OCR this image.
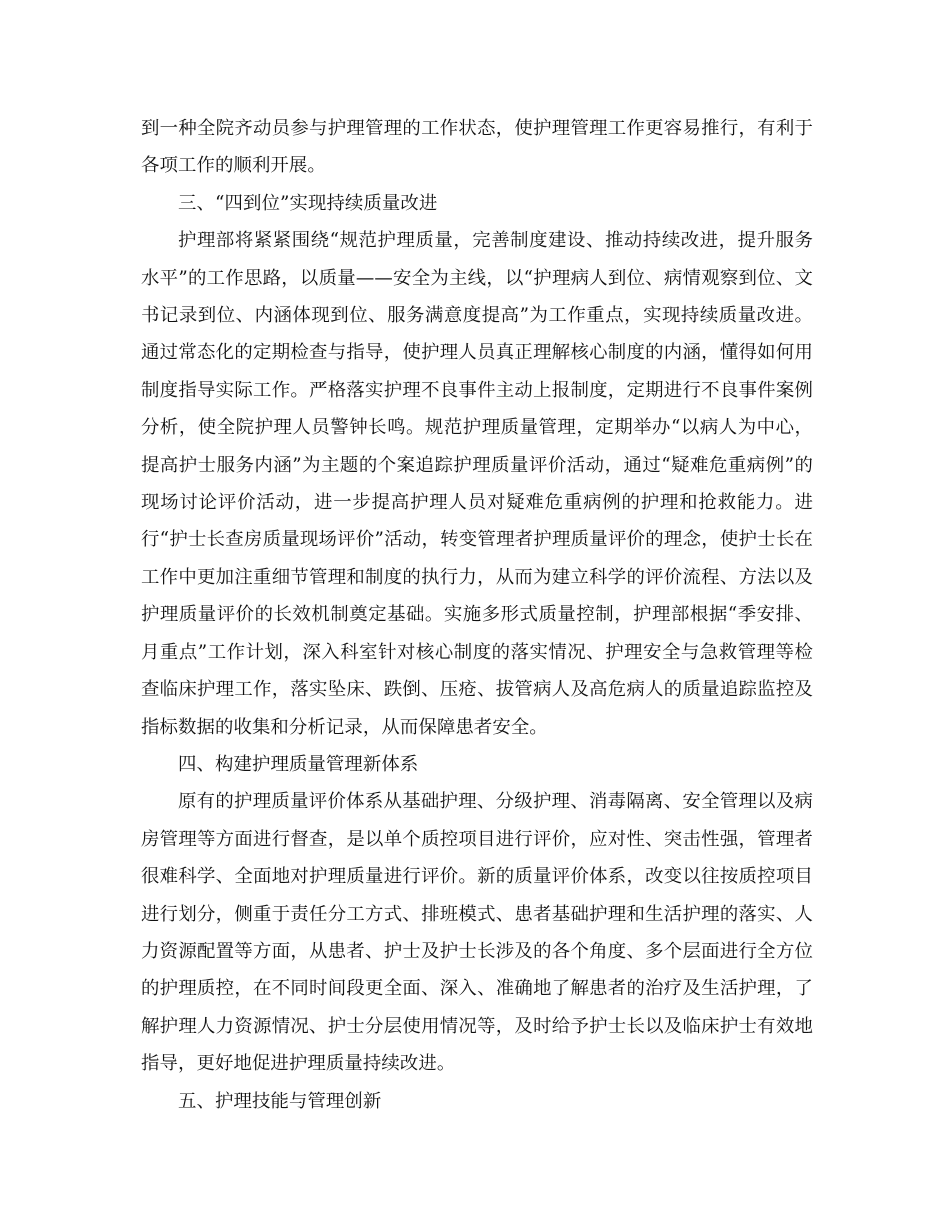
到一种全院齐动员参与护理管理的工作状态，使护理管理工作更容易推行，有利于各项工作的顺利开展。

三、“四到位”实现持续质量改进

护理部将紧紧围绕“规范护理质量，完善制度建设、推动持续改进，提升服务水平”的工作思路，以质量——安全为主线，以“护理病人到位、病情观察到位、文书记录到位、内涵体现到位、服务满意度提高”为工作重点，实现持续质量改进。通过常态化的定期检查与指导，使护理人员真正理解核心制度的内涵，懂得如何用制度指导实际工作。严格落实护理不良事件主动上报制度，定期进行不良事件案例分析，使全院护理人员警钟长鸣。规范护理质量管理，定期举办“以病人为中心，提高护士服务内涵”为主题的个案追踪护理质量评价活动，通过“疑难危重病例”的现场讨论评价活动，进一步提高护理人员对疑难危重病例的护理和抢救能力。进行“护士长查房质量现场评价”活动，转变管理者护理质量评价的理念，使护士长在工作中更加注重细节管理和制度的执行力，从而为建立科学的评价流程、方法以及护理质量评价的长效机制奠定基础。实施多形式质量控制，护理部根据“季安排、月重点”工作计划，深入科室针对核心制度的落实情况、护理安全与急救管理等检查临床护理工作，落实坠床、跌倒、压疮、拔管病人及高危病人的质量追踪监控及指标数据的收集和分析记录，从而保障患者安全。

四、构建护理质量管理新体系

原有的护理质量评价体系从基础护理、分级护理、消毒隔离、安全管理以及病房管理等方面进行督查，是以单个质控项目进行评价，应对性、突击性强，管理者很难科学、全面地对护理质量进行评价。新的质量评价体系，改变以往按质控项目进行划分，侧重于责任分工方式、排班模式、患者基础护理和生活护理的落实、人力资源配置等方面，从患者、护士及护士长涉及的各个角度、多个层面进行全方位的护理质控，在不同时间段更全面、深入、准确地了解患者的治疗及生活护理，了解护理人力资源情况、护士分层使用情况等，及时给予护士长以及临床护士有效地指导，更好地促进护理质量持续改进。

五、护理技能与管理创新
